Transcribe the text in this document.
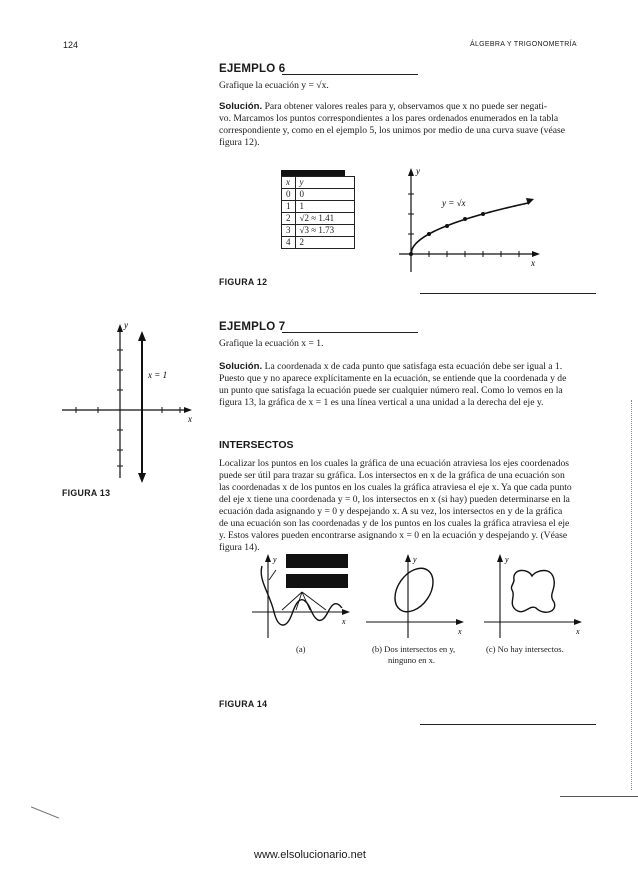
124	ÁLGEBRA Y TRIGONOMETRÍA
EJEMPLO 6
Grafique la ecuación y = √x.
Solución. Para obtener valores reales para y, observamos que x no puede ser negati-
vo. Marcamos los puntos correspondientes a los pares ordenados enumerados en la tabla
correspondiente y, como en el ejemplo 5, los unimos por medio de una curva suave (véase
figura 12).
x	y
0	0
1	1
2	√2 ≈ 1.41
3	√3 ≈ 1.73
4	2
y
x
y = √x
FIGURA 12
y
x
x = 1
FIGURA 13
EJEMPLO 7
Grafique la ecuación x = 1.
Solución. La coordenada x de cada punto que satisfaga esta ecuación debe ser igual a 1.
Puesto que y no aparece explícitamente en la ecuación, se entiende que la coordenada y de
un punto que satisfaga la ecuación puede ser cualquier número real. Como lo vemos en la
figura 13, la gráfica de x = 1 es una línea vertical a una unidad a la derecha del eje y.
INTERSECTOS
Localizar los puntos en los cuales la gráfica de una ecuación atraviesa los ejes coordenados
puede ser útil para trazar su gráfica. Los intersectos en x de la gráfica de una ecuación son
las coordenadas x de los puntos en los cuales la gráfica atraviesa el eje x. Ya que cada punto
del eje x tiene una coordenada y = 0, los intersectos en x (si hay) pueden determinarse en la
ecuación dada asignando y = 0 y despejando x. A su vez, los intersectos en y de la gráfica
de una ecuación son las coordenadas y de los puntos en los cuales la gráfica atraviesa el eje
y. Estos valores pueden encontrarse asignando x = 0 en la ecuación y despejando y. (Véase
figura 14).
y
x
y
x
y
x
(a)	(b) Dos intersectos en y,
ninguno en x.
(c) No hay intersectos.
FIGURA 14
www.elsolucionario.net
